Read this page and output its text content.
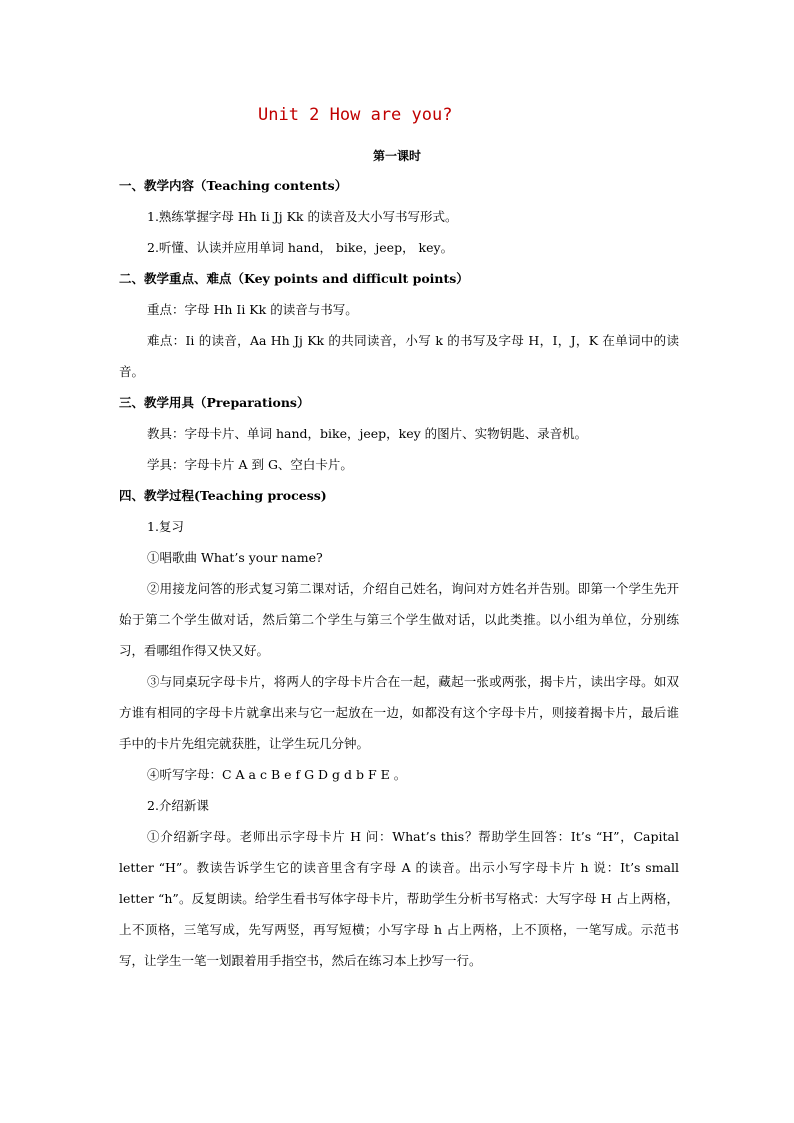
Unit 2 How are you?
第一课时
一、教学内容（Teaching contents）
1.熟练掌握字母 Hh Ii Jj Kk 的读音及大小写书写形式。
2.听懂、认读并应用单词 hand， bike，jeep， key。
二、教学重点、难点（Key points and difficult points）
重点：字母 Hh Ii Kk 的读音与书写。
难点：Ii 的读音，Aa Hh Jj Kk 的共同读音，小写 k 的书写及字母 H，I，J，K 在单词中的读音。
三、教学用具（Preparations）
教具：字母卡片、单词 hand，bike，jeep，key 的图片、实物钥匙、录音机。
学具：字母卡片 A 到 G、空白卡片。
四、教学过程(Teaching process)
1.复习
①唱歌曲 What’s your name?
②用接龙问答的形式复习第二课对话，介绍自己姓名，询问对方姓名并告别。即第一个学生先开始于第二个学生做对话，然后第二个学生与第三个学生做对话，以此类推。以小组为单位，分别练习，看哪组作得又快又好。
③与同桌玩字母卡片，将两人的字母卡片合在一起，藏起一张或两张，揭卡片，读出字母。如双方谁有相同的字母卡片就拿出来与它一起放在一边，如都没有这个字母卡片，则接着揭卡片，最后谁手中的卡片先组完就获胜，让学生玩几分钟。
④听写字母：C A a c B e f G D g d b F E 。
2.介绍新课
①介绍新字母。老师出示字母卡片 H 问：What’s this？帮助学生回答：It’s “H”，Capital letter “H”。教读告诉学生它的读音里含有字母 A 的读音。出示小写字母卡片 h 说：It’s small letter “h”。反复朗读。给学生看书写体字母卡片，帮助学生分析书写格式：大写字母 H 占上两格，上不顶格，三笔写成，先写两竖，再写短横；小写字母 h 占上两格，上不顶格，一笔写成。示范书写，让学生一笔一划跟着用手指空书，然后在练习本上抄写一行。
